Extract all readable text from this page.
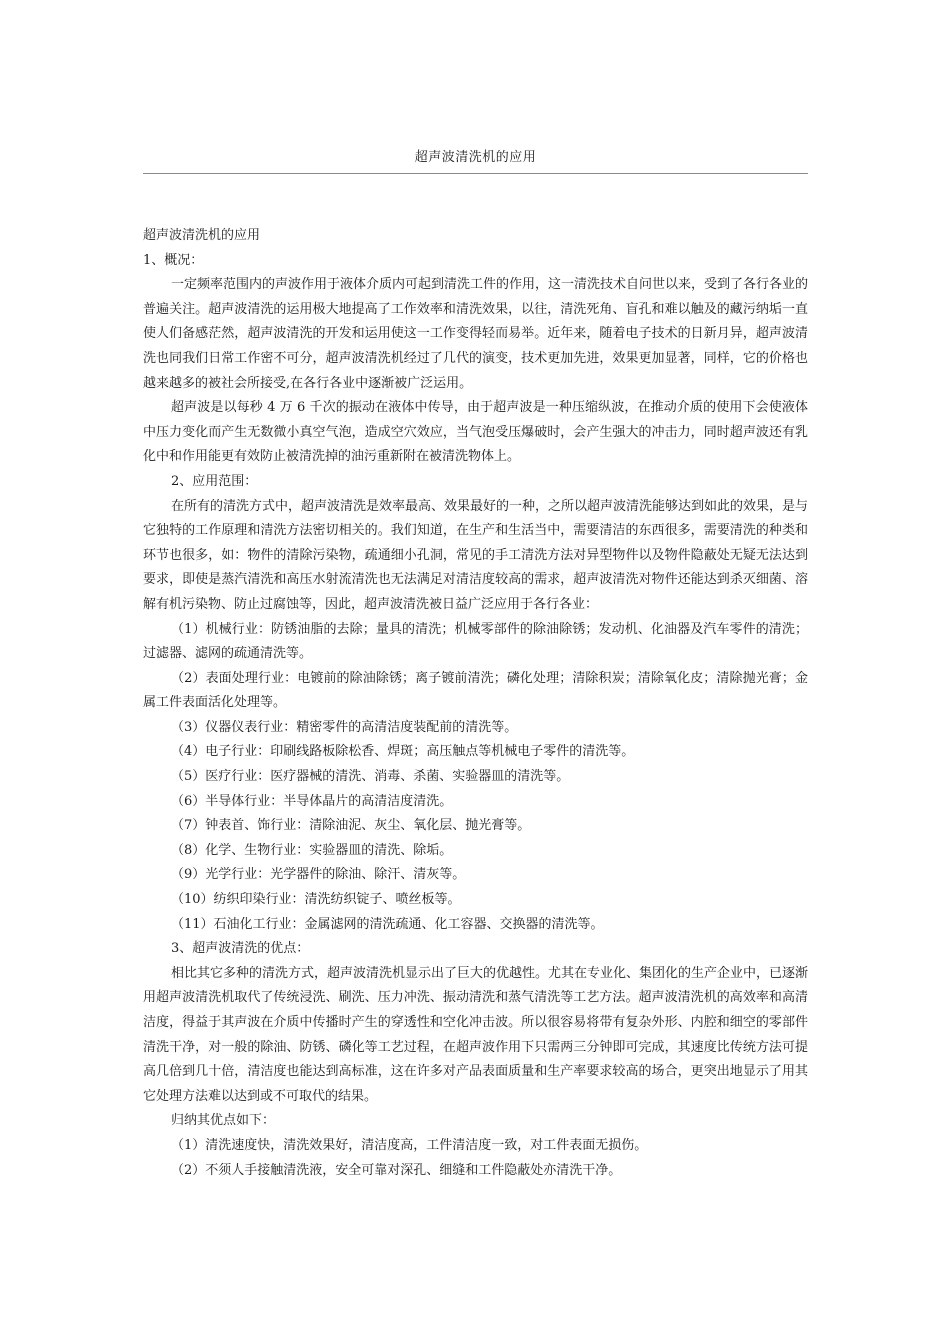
超声波清洗机的应用

超声波清洗机的应用

1、概况：

一定频率范围内的声波作用于液体介质内可起到清洗工件的作用，这一清洗技术自问世以来，受到了各行各业的普遍关注。超声波清洗的运用极大地提高了工作效率和清洗效果，以往，清洗死角、盲孔和难以触及的藏污纳垢一直使人们备感茫然，超声波清洗的开发和运用使这一工作变得轻而易举。近年来，随着电子技术的日新月异，超声波清洗也同我们日常工作密不可分，超声波清洗机经过了几代的演变，技术更加先进，效果更加显著，同样，它的价格也越来越多的被社会所接受,在各行各业中逐渐被广泛运用。

超声波是以每秒 4 万 6 千次的振动在液体中传导，由于超声波是一种压缩纵波，在推动介质的使用下会使液体中压力变化而产生无数微小真空气泡，造成空穴效应，当气泡受压爆破时，会产生强大的冲击力，同时超声波还有乳化中和作用能更有效防止被清洗掉的油污重新附在被清洗物体上。

2、应用范围：

在所有的清洗方式中，超声波清洗是效率最高、效果最好的一种，之所以超声波清洗能够达到如此的效果，是与它独特的工作原理和清洗方法密切相关的。我们知道，在生产和生活当中，需要清洁的东西很多，需要清洗的种类和环节也很多，如：物件的清除污染物，疏通细小孔洞，常见的手工清洗方法对异型物件以及物件隐蔽处无疑无法达到要求，即使是蒸汽清洗和高压水射流清洗也无法满足对清洁度较高的需求，超声波清洗对物件还能达到杀灭细菌、溶解有机污染物、防止过腐蚀等，因此，超声波清洗被日益广泛应用于各行各业：

（1）机械行业：防锈油脂的去除；量具的清洗；机械零部件的除油除锈；发动机、化油器及汽车零件的清洗；过滤器、滤网的疏通清洗等。

（2）表面处理行业：电镀前的除油除锈；离子镀前清洗；磷化处理；清除积炭；清除氧化皮；清除抛光膏；金属工件表面活化处理等。

（3）仪器仪表行业：精密零件的高清洁度装配前的清洗等。

（4）电子行业：印刷线路板除松香、焊斑；高压触点等机械电子零件的清洗等。

（5）医疗行业：医疗器械的清洗、消毒、杀菌、实验器皿的清洗等。

（6）半导体行业：半导体晶片的高清洁度清洗。

（7）钟表首、饰行业：清除油泥、灰尘、氧化层、抛光膏等。

（8）化学、生物行业：实验器皿的清洗、除垢。

（9）光学行业：光学器件的除油、除汗、清灰等。

（10）纺织印染行业：清洗纺织锭子、喷丝板等。

（11）石油化工行业：金属滤网的清洗疏通、化工容器、交换器的清洗等。

3、超声波清洗的优点：

相比其它多种的清洗方式，超声波清洗机显示出了巨大的优越性。尤其在专业化、集团化的生产企业中，已逐渐用超声波清洗机取代了传统浸洗、刷洗、压力冲洗、振动清洗和蒸气清洗等工艺方法。超声波清洗机的高效率和高清洁度，得益于其声波在介质中传播时产生的穿透性和空化冲击波。所以很容易将带有复杂外形、内腔和细空的零部件清洗干净，对一般的除油、防锈、磷化等工艺过程，在超声波作用下只需两三分钟即可完成，其速度比传统方法可提高几倍到几十倍，清洁度也能达到高标准，这在许多对产品表面质量和生产率要求较高的场合，更突出地显示了用其它处理方法难以达到或不可取代的结果。

归纳其优点如下：

（1）清洗速度快，清洗效果好，清洁度高，工件清洁度一致，对工件表面无损伤。

（2）不须人手接触清洗液，安全可靠对深孔、细缝和工件隐蔽处亦清洗干净。
